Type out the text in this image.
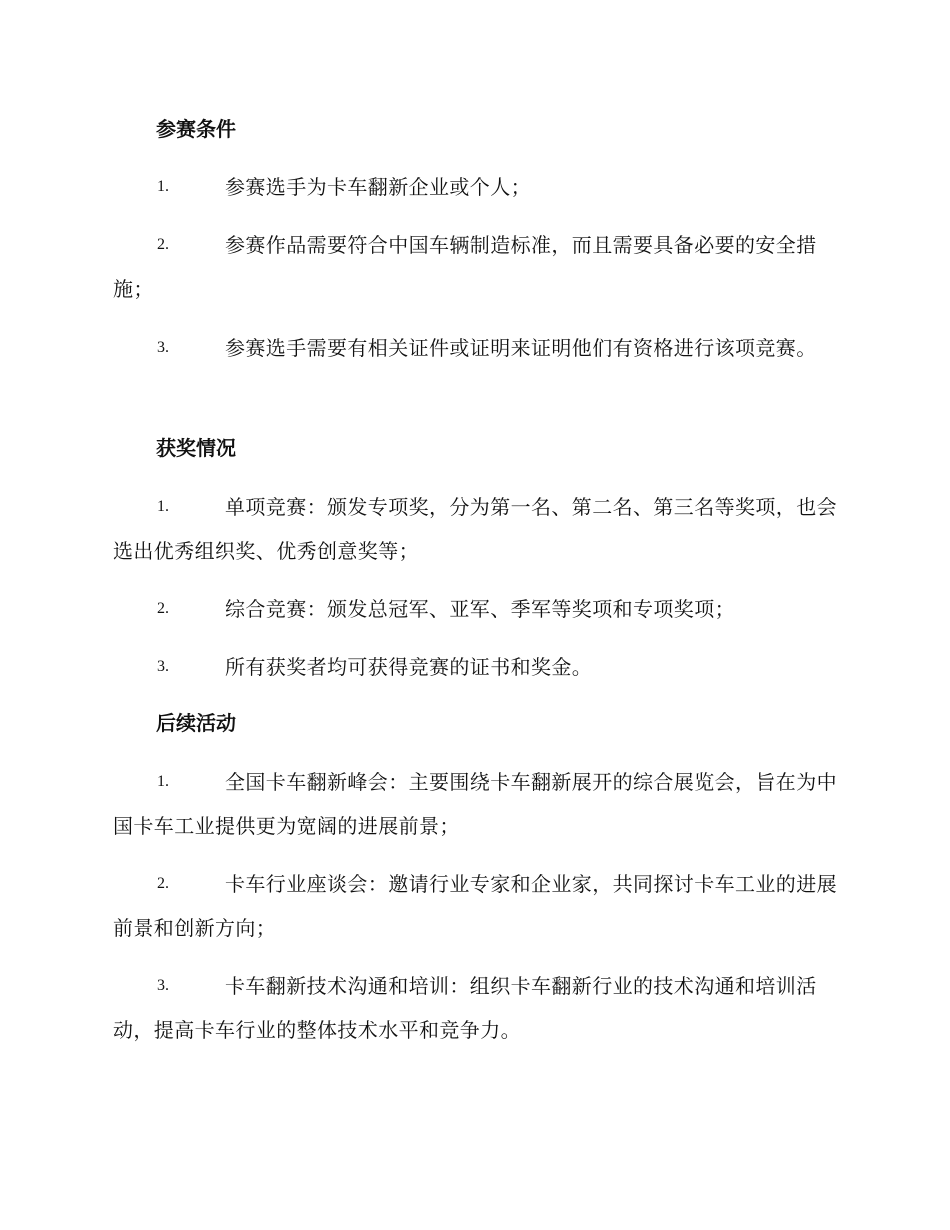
参赛条件
1.	参赛选手为卡车翻新企业或个人；
2.	参赛作品需要符合中国车辆制造标准，而且需要具备必要的安全措施；
3.	参赛选手需要有相关证件或证明来证明他们有资格进行该项竞赛。
获奖情况
1.	单项竞赛：颁发专项奖，分为第一名、第二名、第三名等奖项，也会选出优秀组织奖、优秀创意奖等；
2.	综合竞赛：颁发总冠军、亚军、季军等奖项和专项奖项；
3.	所有获奖者均可获得竞赛的证书和奖金。
后续活动
1.	全国卡车翻新峰会：主要围绕卡车翻新展开的综合展览会，旨在为中国卡车工业提供更为宽阔的进展前景；
2.	卡车行业座谈会：邀请行业专家和企业家，共同探讨卡车工业的进展前景和创新方向；
3.	卡车翻新技术沟通和培训：组织卡车翻新行业的技术沟通和培训活动，提高卡车行业的整体技术水平和竞争力。
